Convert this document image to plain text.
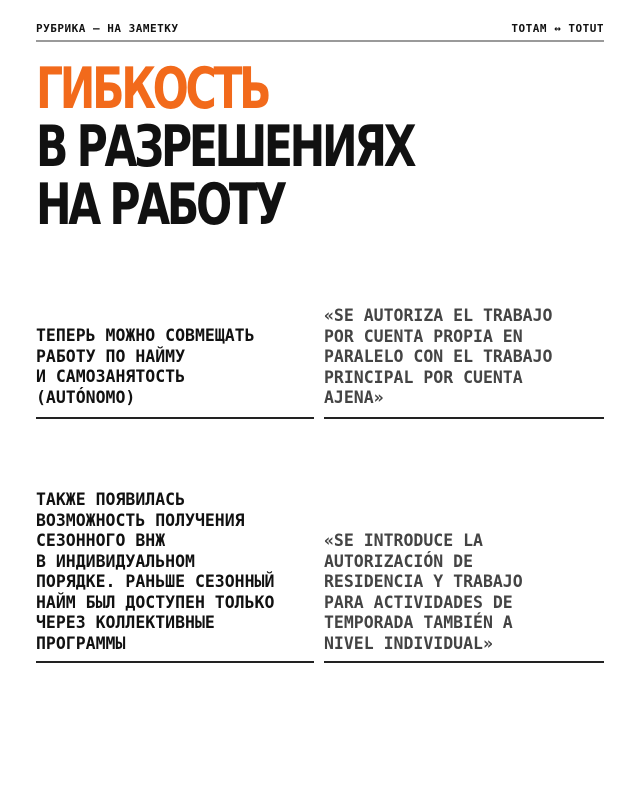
РУБРИКА — НА ЗАМЕТКУ	TOTAM ↔ TOTUT
ГИБКОСТЬ
В РАЗРЕШЕНИЯХ
НА РАБОТУ
ТЕПЕРЬ МОЖНО СОВМЕЩАТЬ
РАБОТУ ПО НАЙМУ
И САМОЗАНЯТОСТЬ
(AUTÓNOMO)
«SE AUTORIZA EL TRABAJO
POR CUENTA PROPIA EN
PARALELO CON EL TRABAJO
PRINCIPAL POR CUENTA
AJENA»
ТАКЖЕ ПОЯВИЛАСЬ
ВОЗМОЖНОСТЬ ПОЛУЧЕНИЯ
СЕЗОННОГО ВНЖ
В ИНДИВИДУАЛЬНОМ
ПОРЯДКЕ. РАНЬШЕ СЕЗОННЫЙ
НАЙМ БЫЛ ДОСТУПЕН ТОЛЬКО
ЧЕРЕЗ КОЛЛЕКТИВНЫЕ
ПРОГРАММЫ
«SE INTRODUCE LA
AUTORIZACIÓN DE
RESIDENCIA Y TRABAJO
PARA ACTIVIDADES DE
TEMPORADA TAMBIÉN A
NIVEL INDIVIDUAL»
